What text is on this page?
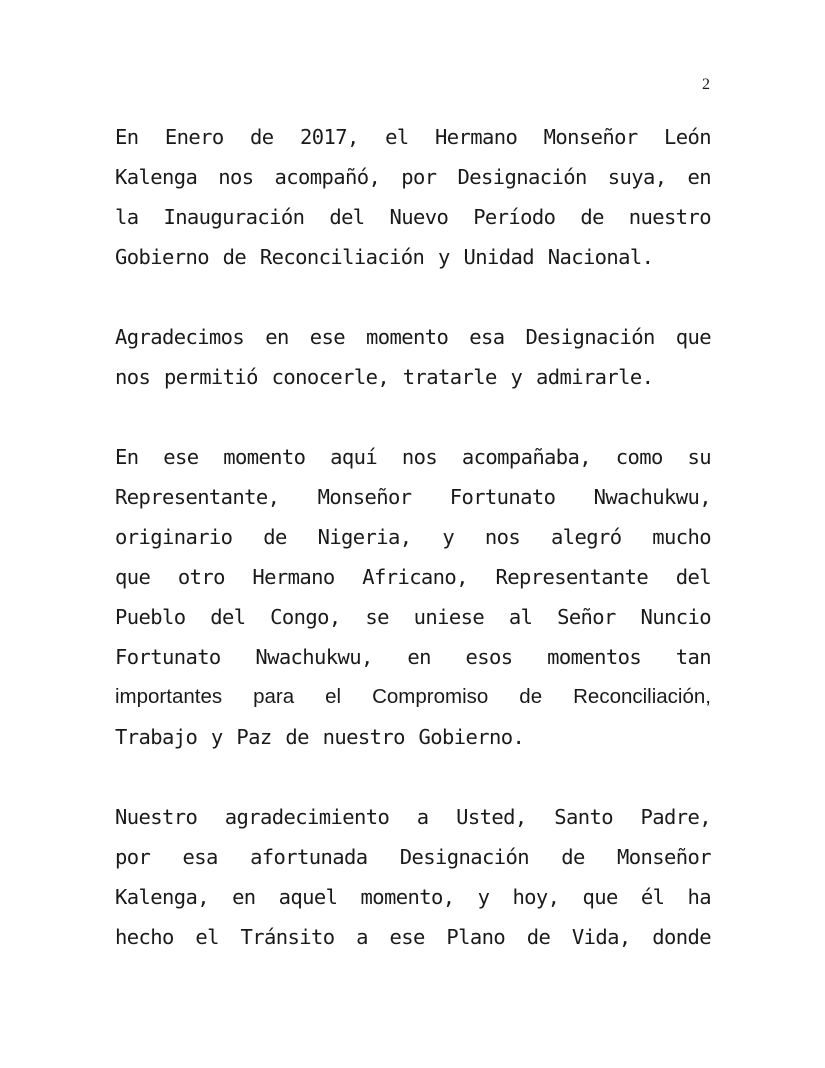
2
En Enero de 2017, el Hermano Monseñor León
Kalenga nos acompañó, por Designación suya, en
la Inauguración del Nuevo Período de nuestro
Gobierno de Reconciliación y Unidad Nacional.
Agradecimos en ese momento esa Designación que
nos permitió conocerle, tratarle y admirarle.
En ese momento aquí nos acompañaba, como su
Representante, Monseñor Fortunato Nwachukwu,
originario de Nigeria, y nos alegró mucho
que otro Hermano Africano, Representante del
Pueblo del Congo, se uniese al Señor Nuncio
Fortunato Nwachukwu, en esos momentos tan
importantes para el Compromiso de Reconciliación,
Trabajo y Paz de nuestro Gobierno.
Nuestro agradecimiento a Usted, Santo Padre,
por esa afortunada Designación de Monseñor
Kalenga, en aquel momento, y hoy, que él ha
hecho el Tránsito a ese Plano de Vida, donde
